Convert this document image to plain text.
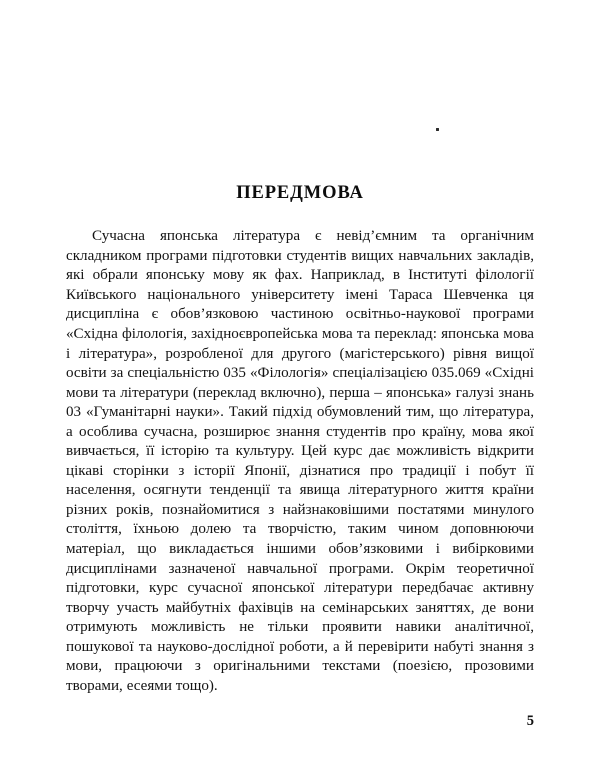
ПЕРЕДМОВА

Сучасна японська література є невід’ємним та органічним складником програми підготовки студентів вищих навчальних закладів, які обрали японську мову як фах. Наприклад, в Інституті філології Київського національного університету імені Тараса Шевченка ця дисципліна є обов’язковою частиною освітньо-наукової програми «Східна філологія, західноєвропейська мова та переклад: японська мова і література», розробленої для другого (магістерського) рівня вищої освіти за спеціальністю 035 «Філологія» спеціалізацією 035.069 «Східні мови та літератури (переклад включно), перша – японська» галузі знань 03 «Гуманітарні науки». Такий підхід обумовлений тим, що література, а особлива сучасна, розширює знання студентів про країну, мова якої вивчається, її історію та культуру. Цей курс дає можливість відкрити цікаві сторінки з історії Японії, дізнатися про традиції і побут її населення, осягнути тенденції та явища літературного життя країни різних років, познайомитися з найзнаковішими постатями минулого століття, їхньою долею та творчістю, таким чином доповнюючи матеріал, що викладається іншими обов’язковими і вибірковими дисциплінами зазначеної навчальної програми. Окрім теоретичної підготовки, курс сучасної японської літератури передбачає активну творчу участь майбутніх фахівців на семінарських заняттях, де вони отримують можливість не тільки проявити навики аналітичної, пошукової та науково-дослідної роботи, а й перевірити набуті знання з мови, працюючи з оригінальними текстами (поезією, прозовими творами, есеями тощо).

5
